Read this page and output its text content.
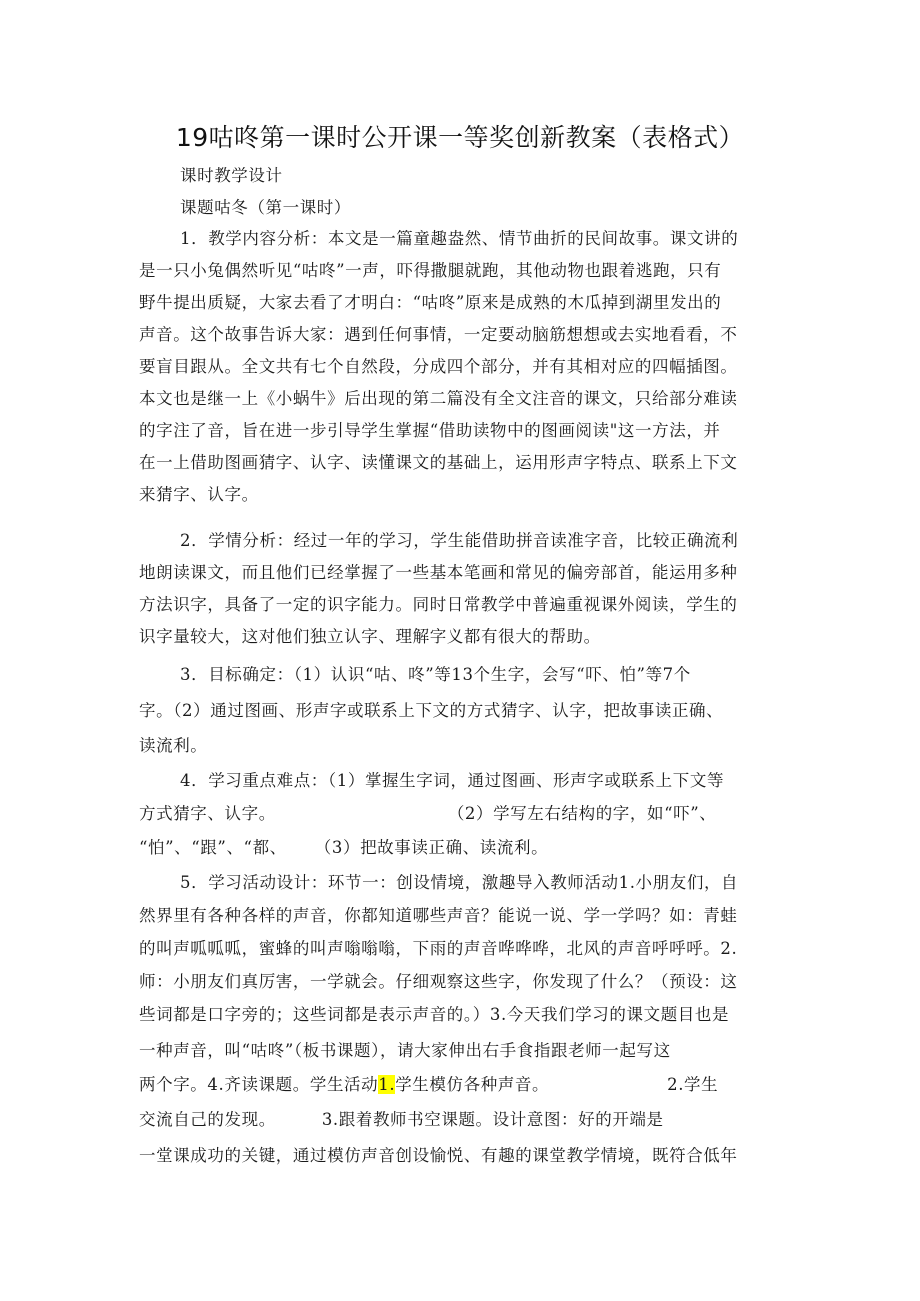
19咕咚第一课时公开课一等奖创新教案（表格式）
课时教学设计
课题咕冬（第一课时）
1．教学内容分析：本文是一篇童趣盎然、情节曲折的民间故事。课文讲的
是一只小兔偶然听见“咕咚”一声，吓得撒腿就跑，其他动物也跟着逃跑，只有
野牛提出质疑，大家去看了才明白：“咕咚”原来是成熟的木瓜掉到湖里发出的
声音。这个故事告诉大家：遇到任何事情，一定要动脑筋想想或去实地看看，不
要盲目跟从。全文共有七个自然段，分成四个部分，并有其相对应的四幅插图。
本文也是继一上《小蜗牛》后出现的第二篇没有全文注音的课文，只给部分难读
的字注了音，旨在进一步引导学生掌握“借助读物中的图画阅读"这一方法，并
在一上借助图画猜字、认字、读懂课文的基础上，运用形声字特点、联系上下文
来猜字、认字。
2．学情分析：经过一年的学习，学生能借助拼音读准字音，比较正确流利
地朗读课文，而且他们已经掌握了一些基本笔画和常见的偏旁部首，能运用多种
方法识字，具备了一定的识字能力。同时日常教学中普遍重视课外阅读，学生的
识字量较大，这对他们独立认字、理解字义都有很大的帮助。
3．目标确定：（1）认识“咕、咚”等13个生字，会写“吓、怕”等7个
字。（2）通过图画、形声字或联系上下文的方式猜字、认字，把故事读正确、
读流利。
4．学习重点难点：（1）掌握生字词，通过图画、形声字或联系上下文等
方式猜字、认字。	（2）学写左右结构的字，如“吓”、
“怕”、“跟”、“都、 （3）把故事读正确、读流利。
5．学习活动设计：环节一：创设情境，激趣导入教师活动1.小朋友们，自
然界里有各种各样的声音，你都知道哪些声音？能说一说、学一学吗？如：青蛙
的叫声呱呱呱，蜜蜂的叫声嗡嗡嗡，下雨的声音哗哗哗，北风的声音呼呼呼。2.
师：小朋友们真厉害，一学就会。仔细观察这些字，你发现了什么？（预设：这
些词都是口字旁的；这些词都是表示声音的。）3.今天我们学习的课文题目也是
一种声音，叫“咕咚”（板书课题），请大家伸出右手食指跟老师一起写这
两个字。4.齐读课题。学生活动1.学生模仿各种声音。	2.学生
交流自己的发现。	3.跟着教师书空课题。设计意图：好的开端是
一堂课成功的关键，通过模仿声音创设愉悦、有趣的课堂教学情境，既符合低年
